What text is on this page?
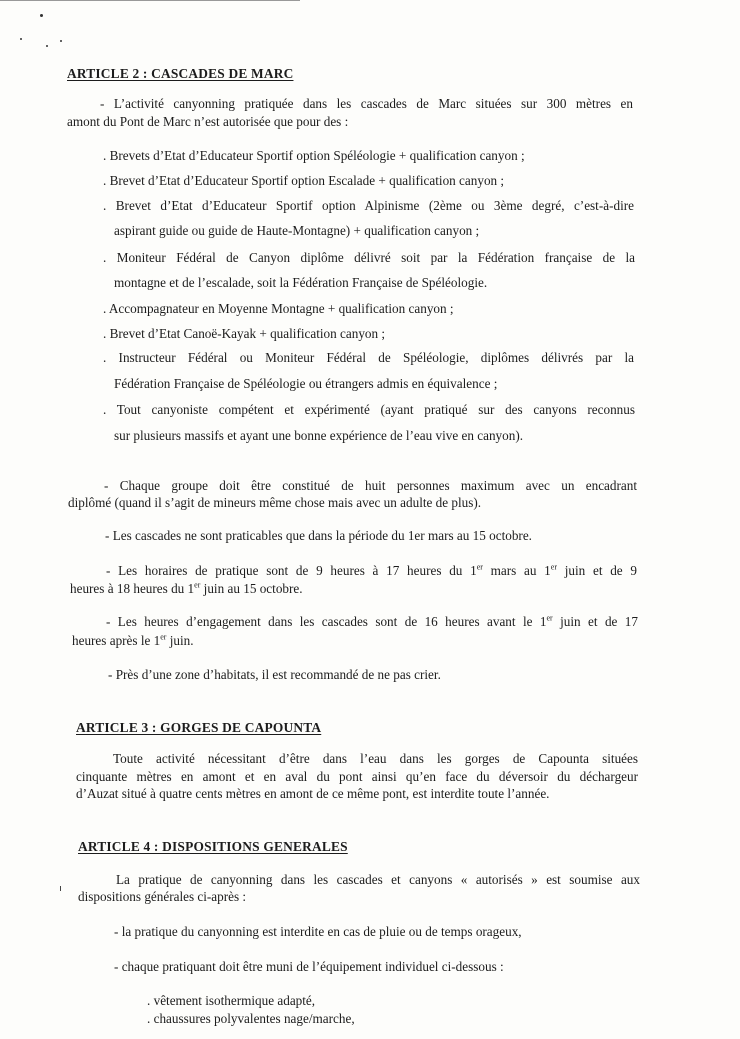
ARTICLE 2 : CASCADES DE MARC
- L’activité canyonning pratiquée dans les cascades de Marc situées sur 300 mètres en
amont du Pont de Marc n’est autorisée que pour des :
. Brevets d’Etat d’Educateur Sportif option Spéléologie + qualification canyon ;
. Brevet d’Etat d’Educateur Sportif option Escalade + qualification canyon ;
. Brevet d’Etat d’Educateur Sportif option Alpinisme (2ème ou 3ème degré, c’est-à-dire
aspirant guide ou guide de Haute-Montagne) + qualification canyon ;
. Moniteur Fédéral de Canyon diplôme délivré soit par la Fédération française de la
montagne et de l’escalade, soit la Fédération Française de Spéléologie.
. Accompagnateur en Moyenne Montagne + qualification canyon ;
. Brevet d’Etat Canoë-Kayak + qualification canyon ;
. Instructeur Fédéral ou Moniteur Fédéral de Spéléologie, diplômes délivrés par la
Fédération Française de Spéléologie ou étrangers admis en équivalence ;
. Tout canyoniste compétent et expérimenté (ayant pratiqué sur des canyons reconnus
sur plusieurs massifs et ayant une bonne expérience de l’eau vive en canyon).
- Chaque groupe doit être constitué de huit personnes maximum avec un encadrant
diplômé (quand il s’agit de mineurs même chose mais avec un adulte de plus).
- Les cascades ne sont praticables que dans la période du 1er mars au 15 octobre.
- Les horaires de pratique sont de 9 heures à 17 heures du 1er mars au 1er juin et de 9
heures à 18 heures du 1er juin au 15 octobre.
- Les heures d’engagement dans les cascades sont de 16 heures avant le 1er juin et de 17
heures après le 1er juin.
- Près d’une zone d’habitats, il est recommandé de ne pas crier.
ARTICLE 3 : GORGES DE CAPOUNTA
Toute activité nécessitant d’être dans l’eau dans les gorges de Capounta situées
cinquante mètres en amont et en aval du pont ainsi qu’en face du déversoir du déchargeur
d’Auzat situé à quatre cents mètres en amont de ce même pont, est interdite toute l’année.
ARTICLE 4 : DISPOSITIONS GENERALES
La pratique de canyonning dans les cascades et canyons « autorisés » est soumise aux
dispositions générales ci-après :
- la pratique du canyonning est interdite en cas de pluie ou de temps orageux,
- chaque pratiquant doit être muni de l’équipement individuel ci-dessous :
. vêtement isothermique adapté,
. chaussures polyvalentes nage/marche,
